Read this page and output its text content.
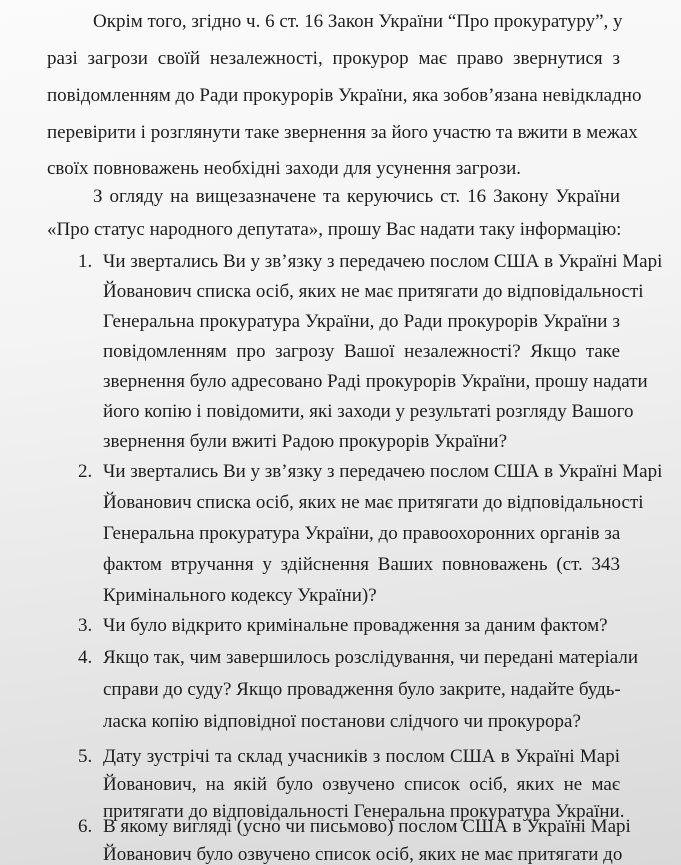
Окрім того, згідно ч. 6 ст. 16 Закон України “Про прокуратуру”, у
разі загрози своїй незалежності, прокурор має право звернутися з
повідомленням до Ради прокурорів України, яка зобов’язана невідкладно
перевірити і розглянути таке звернення за його участю та вжити в межах
своїх повноважень необхідні заходи для усунення загрози.
З огляду на вищезазначене та керуючись ст. 16 Закону України
«Про статус народного депутата», прошу Вас надати таку інформацію:
1. Чи звертались Ви у зв’язку з передачею послом США в Україні Марі
Йованович списка осіб, яких не має притягати до відповідальності
Генеральна прокуратура України, до Ради прокурорів України з
повідомленням про загрозу Вашої незалежності? Якщо таке
звернення було адресовано Раді прокурорів України, прошу надати
його копію і повідомити, які заходи у результаті розгляду Вашого
звернення були вжиті Радою прокурорів України?
2. Чи звертались Ви у зв’язку з передачею послом США в Україні Марі
Йованович списка осіб, яких не має притягати до відповідальності
Генеральна прокуратура України, до правоохоронних органів за
фактом втручання у здійснення Ваших повноважень (ст. 343
Кримінального кодексу України)?
3. Чи було відкрито кримінальне провадження за даним фактом?
4. Якщо так, чим завершилось розслідування, чи передані матеріали
справи до суду? Якщо провадження було закрите, надайте будь-
ласка копію відповідної постанови слідчого чи прокурора?
5. Дату зустрічі та склад учасників з послом США в Україні Марі
Йованович, на якій було озвучено список осіб, яких не має
притягати до відповідальності Генеральна прокуратура України.
6. В якому вигляді (усно чи письмово) послом США в Україні Марі
Йованович було озвучено список осіб, яких не має притягати до
